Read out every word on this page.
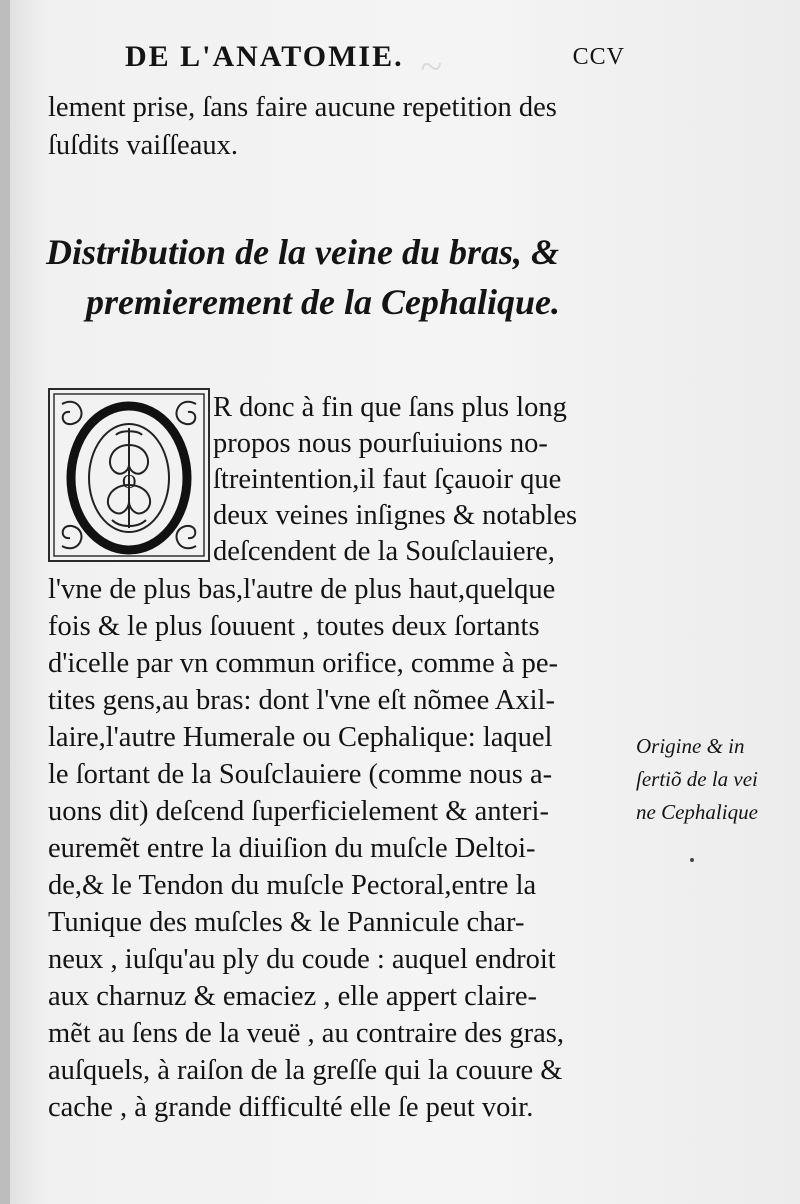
~

DE L'ANATOMIE.	CCV
lement prise, ſans faire aucune repetition des
ſuſdits vaiſſeaux.
Distribution de la veine du bras, &
premierement de la Cephalique.
O
R donc à fin que ſans plus long
propos nous pourſuiuions no-
ſtreintention,il faut ſçauoir que
deux veines inſignes & notables
deſcendent de la Souſclauiere,
l'vne de plus bas,l'autre de plus haut,quelque
fois & le plus ſouuent , toutes deux ſortants
d'icelle par vn commun orifice, comme à pe-
tites gens,au bras: dont l'vne eſt nõmee Axil-
laire,l'autre Humerale ou Cephalique: laquel
le ſortant de la Souſclauiere (comme nous a-
uons dit) deſcend ſuperficielement & anteri-
euremẽt entre la diuiſion du muſcle Deltoi-
de,& le Tendon du muſcle Pectoral,entre la
Tunique des muſcles & le Pannicule char-
neux , iuſqu'au ply du coude : auquel endroit
aux charnuz & emaciez , elle appert claire-
mẽt au ſens de la veuë , au contraire des gras,
auſquels, à raiſon de la greſſe qui la couure &
cache , à grande difficulté elle ſe peut voir.
Origine & in
ſertiõ de la vei
ne Cephalique
